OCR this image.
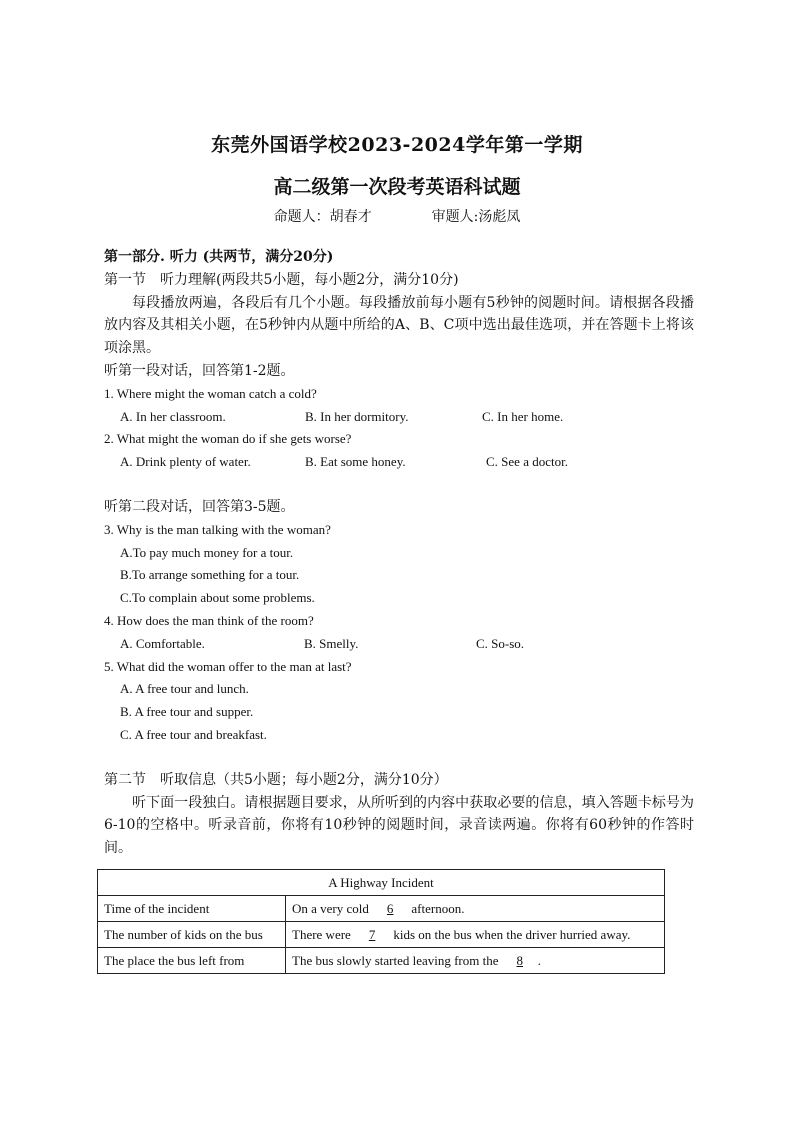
东莞外国语学校2023-2024学年第一学期
高二级第一次段考英语科试题
命题人：胡春才	审题人:汤彪凤
第一部分. 听力 (共两节，满分20分)
第一节　听力理解(两段共5小题，每小题2分，满分10分)
每段播放两遍，各段后有几个小题。每段播放前每小题有5秒钟的阅题时间。请根据各段播放内容及其相关小题，在5秒钟内从题中所给的A、B、C项中选出最佳选项，并在答题卡上将该项涂黑。
听第一段对话，回答第1-2题。
1. Where might the woman catch a cold?
A. In her classroom.	B. In her dormitory.	C. In her home.
2. What might the woman do if she gets worse?
A. Drink plenty of water.	B. Eat some honey.	C. See a doctor.
听第二段对话，回答第3-5题。
3. Why is the man talking with the woman?
A.To pay much money for a tour.
B.To arrange something for a tour.
C.To complain about some problems.
4. How does the man think of the room?
A. Comfortable.	B. Smelly.	C. So-so.
5. What did the woman offer to the man at last?
A. A free tour and lunch.
B. A free tour and supper.
C. A free tour and breakfast.
第二节　听取信息（共5小题；每小题2分，满分10分）
听下面一段独白。请根据题目要求，从所听到的内容中获取必要的信息，填入答题卡标号为6-10的空格中。听录音前，你将有10秒钟的阅题时间，录音读两遍。你将有60秒钟的作答时间。
A Highway Incident	
Time of the incident	On a very cold 6 afternoon.
The number of kids on the bus	There were 7 kids on the bus when the driver hurried away.
The place the bus left from	The bus slowly started leaving from the 8 .
